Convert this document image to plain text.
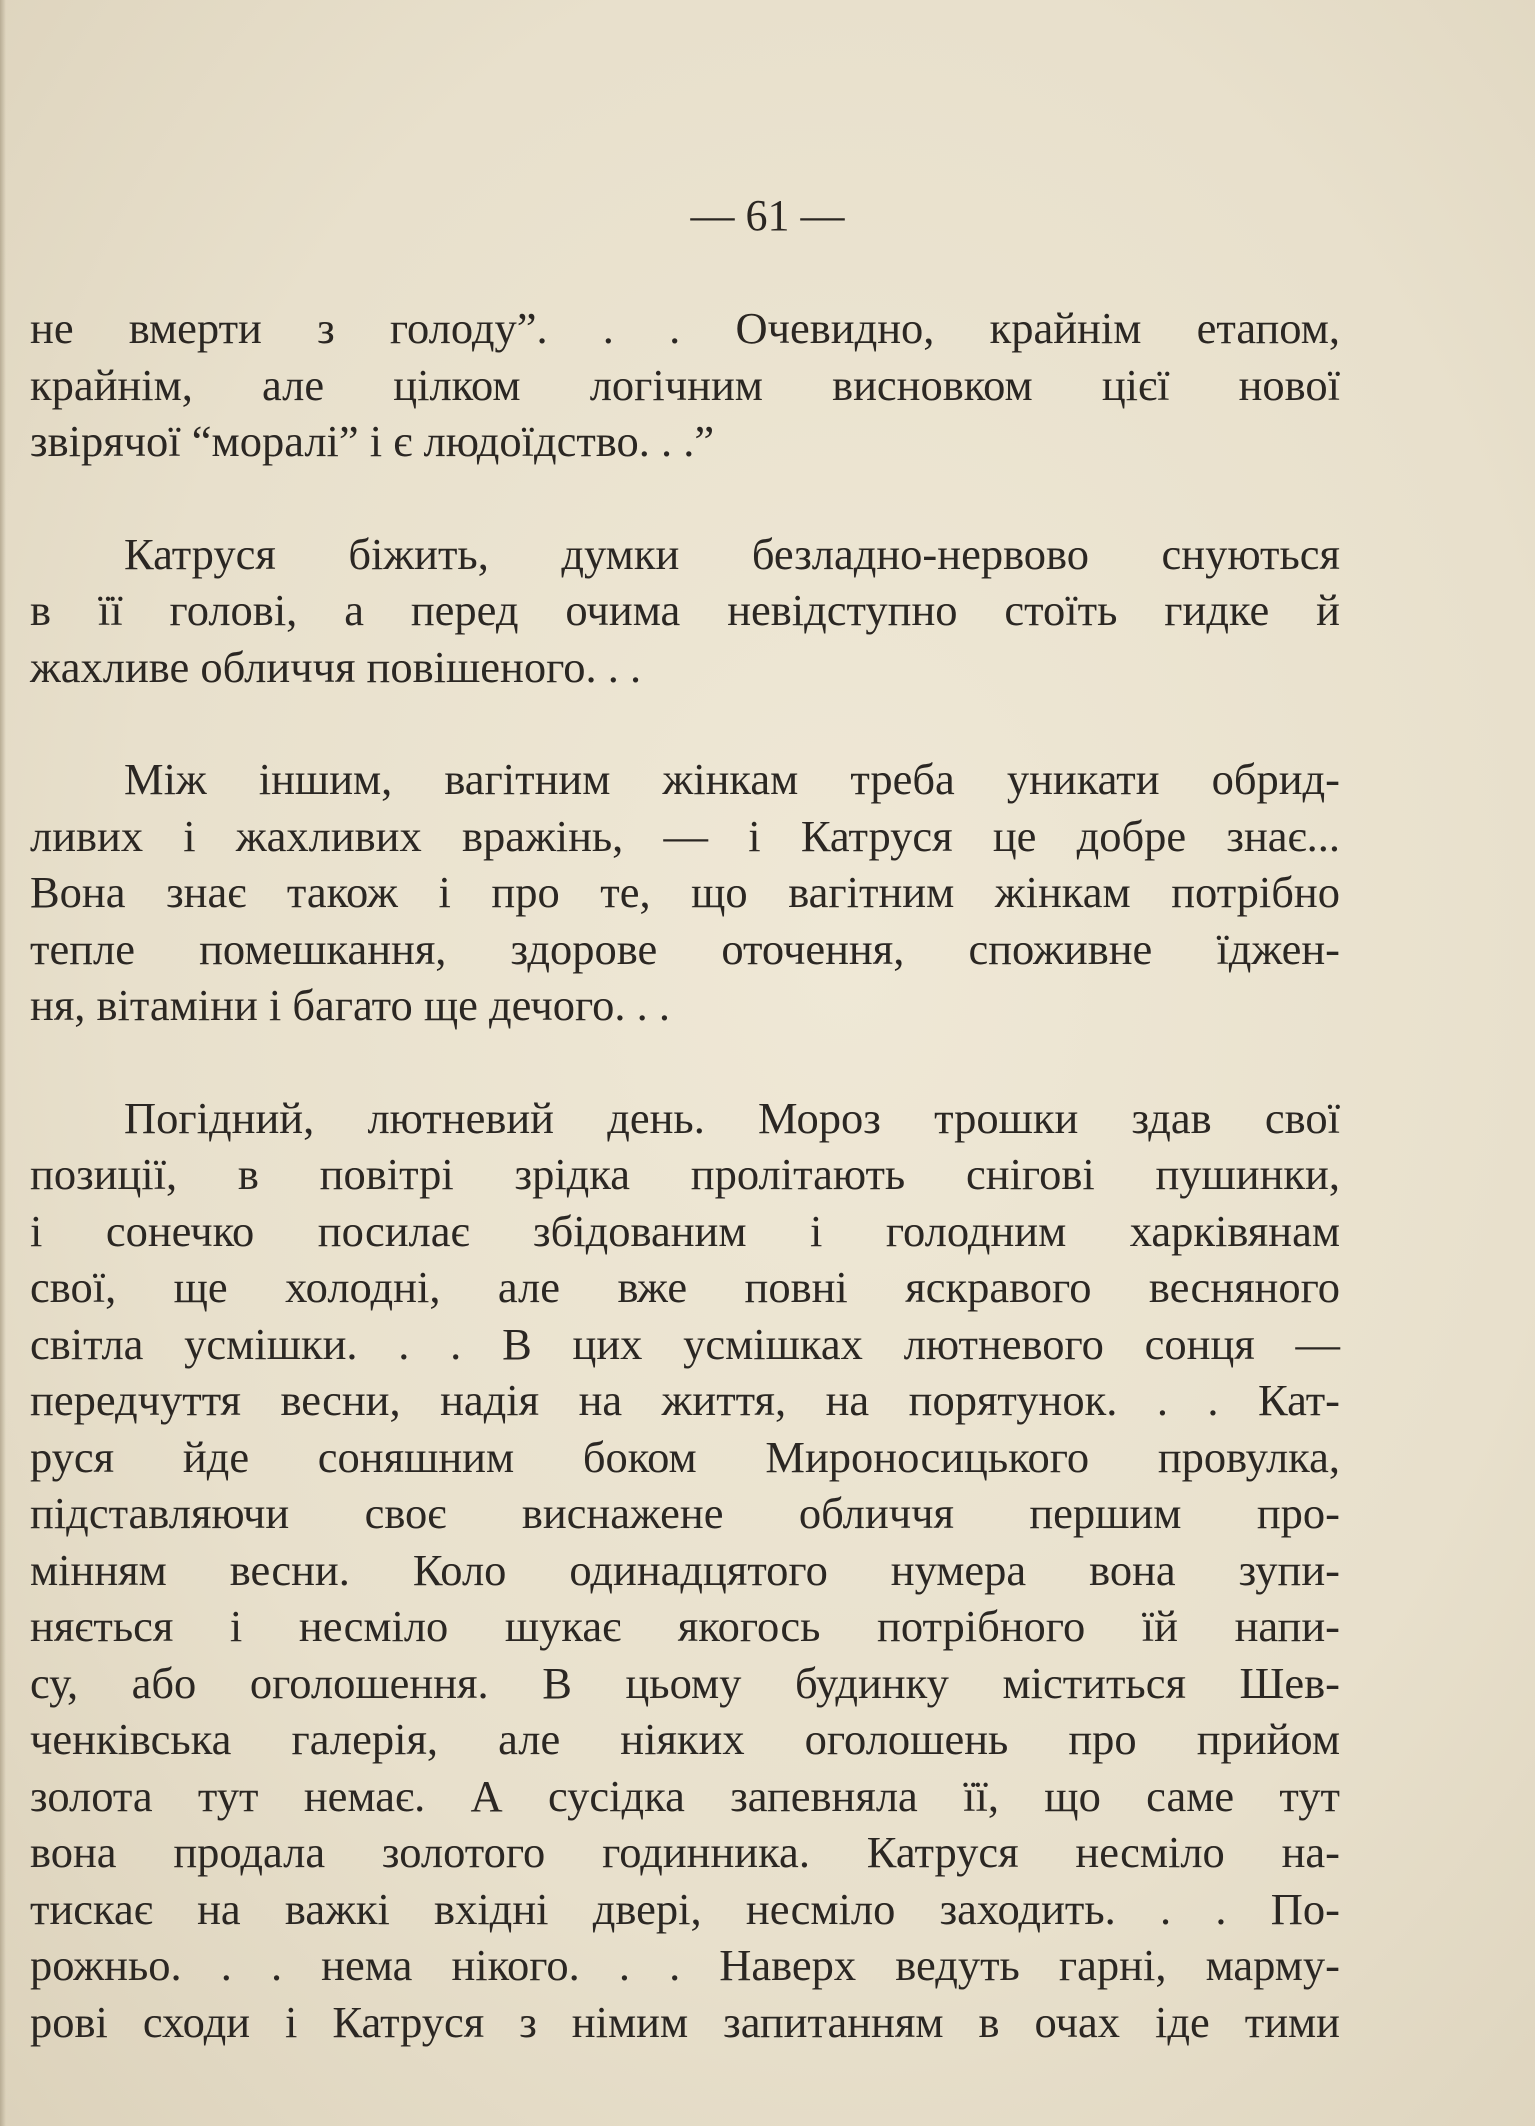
— 61 —

не вмерти з голоду”. . . Очевидно, крайнім етапом,
крайнім, але цілком логічним висновком цієї нової
звірячої “моралі” і є людоїдство. . .”

Катруся біжить, думки безладно-нервово снуються
в її голові, а перед очима невідступно стоїть гидке й
жахливе обличчя повішеного. . .

Між іншим, вагітним жінкам треба уникати обрид-
ливих і жахливих вражінь, — і Катруся це добре знає...
Вона знає також і про те, що вагітним жінкам потрібно
тепле помешкання, здорове оточення, споживне їджен-
ня, вітаміни і багато ще дечого. . .

Погідний, лютневий день. Мороз трошки здав свої
позиції, в повітрі зрідка пролітають снігові пушинки,
і сонечко посилає збідованим і голодним харківянам
свої, ще холодні, але вже повні яскравого весняного
світла усмішки. . . В цих усмішках лютневого сонця —
передчуття весни, надія на життя, на порятунок. . . Кат-
руся йде соняшним боком Мироносицького провулка,
підставляючи своє виснажене обличчя першим про-
мінням весни. Коло одинадцятого нумера вона зупи-
няється і несміло шукає якогось потрібного їй напи-
су, або оголошення. В цьому будинку міститься Шев-
ченківська галерія, але ніяких оголошень про прийом
золота тут немає. А сусідка запевняла її, що саме тут
вона продала золотого годинника. Катруся несміло на-
тискає на важкі вхідні двері, несміло заходить. . . По-
рожньо. . . нема нікого. . . Наверх ведуть гарні, марму-
рові сходи і Катруся з німим запитанням в очах іде тими
